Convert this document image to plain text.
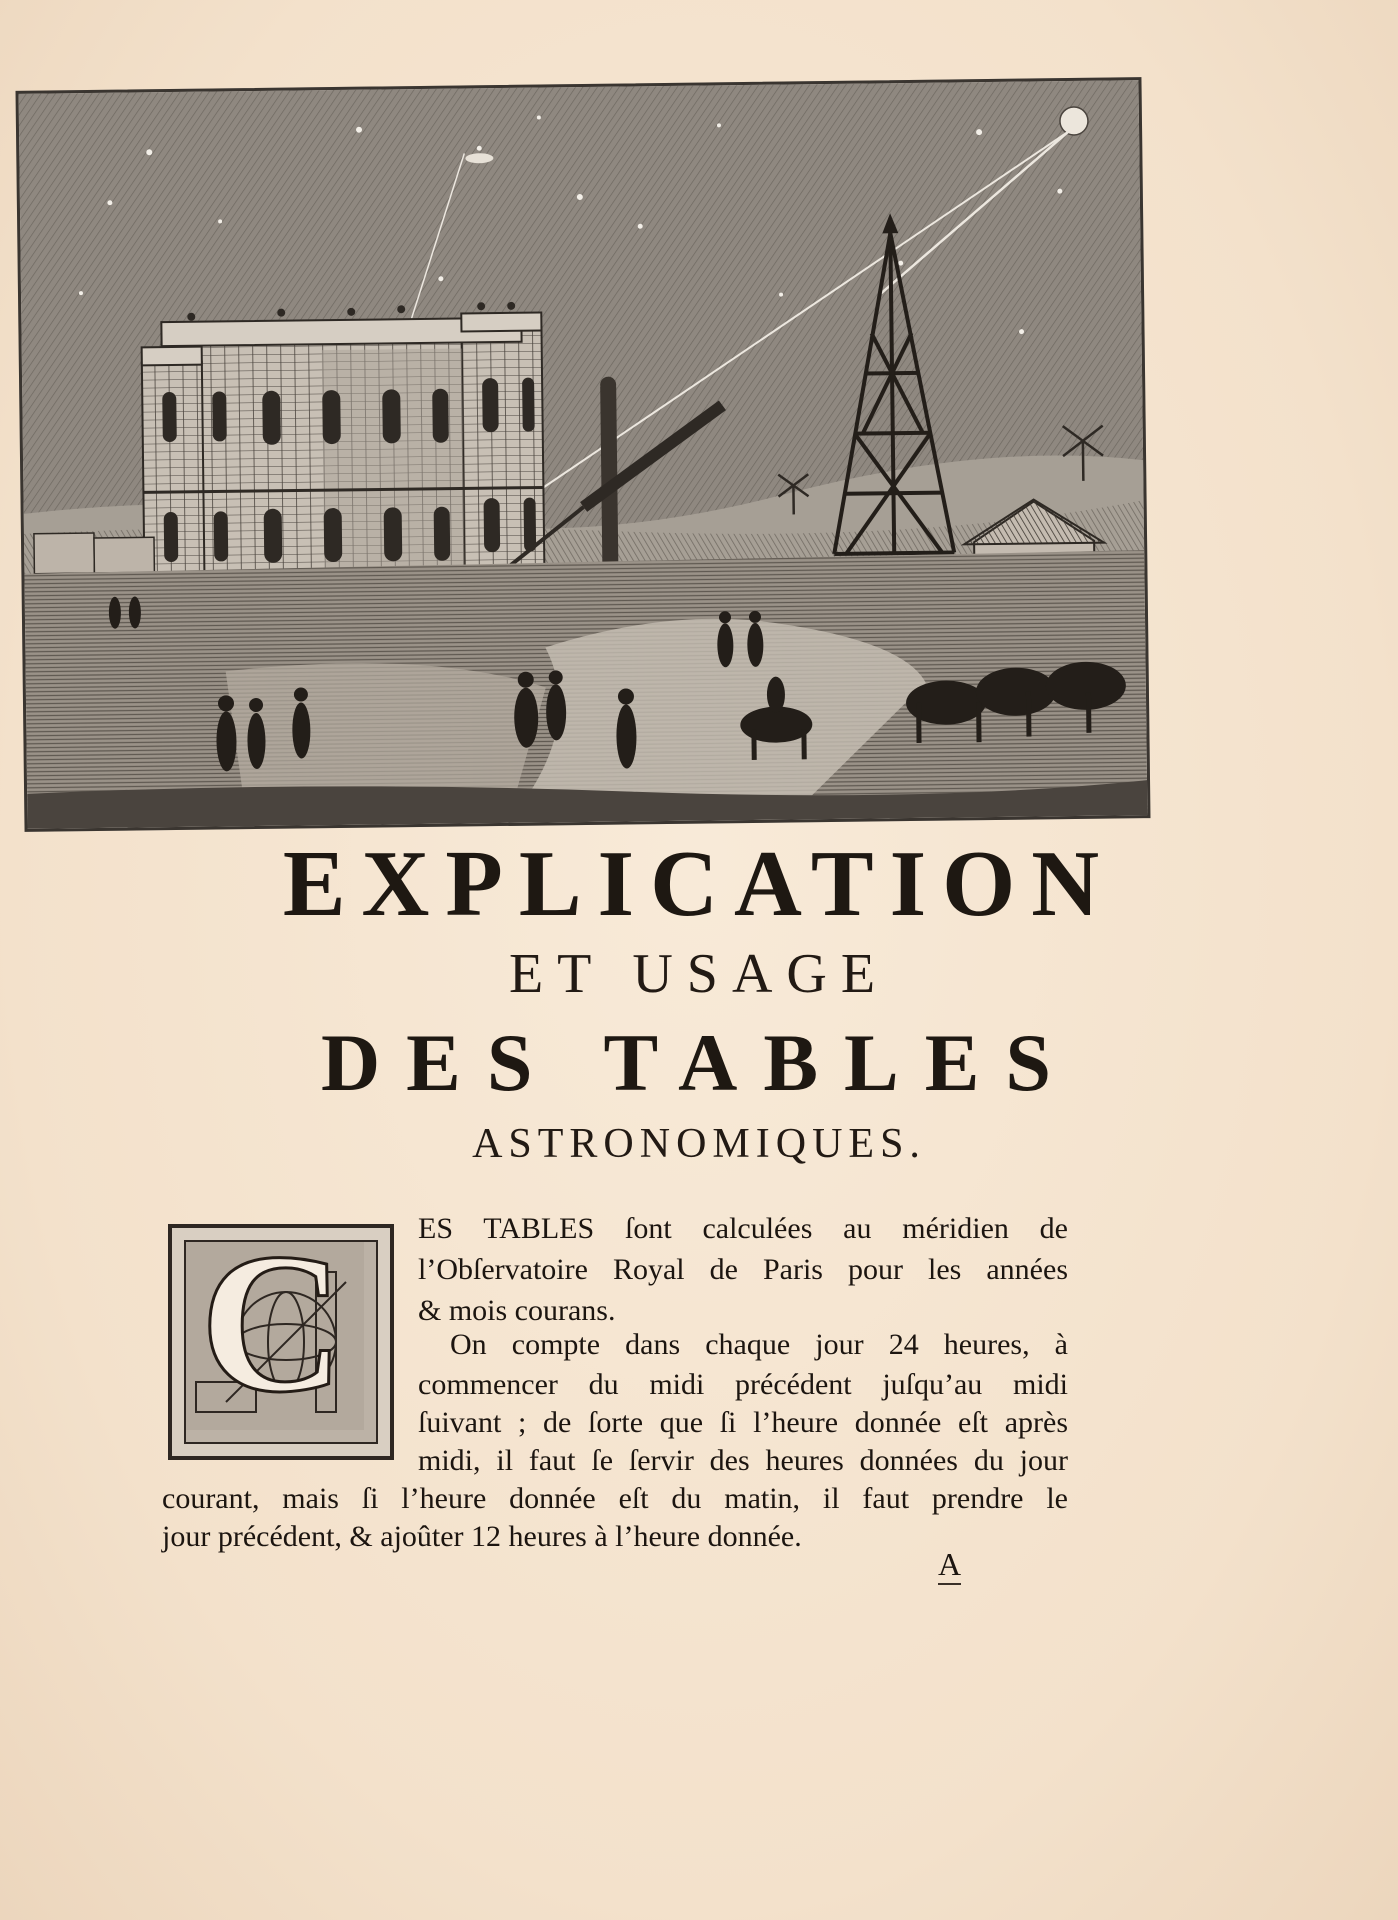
EXPLICATION
ET USAGE
DES TABLES
ASTRONOMIQUES.
C ES TABLES ſont calculées au méridien de
l’Obſervatoire Royal de Paris pour les années
& mois courans.
On compte dans chaque jour 24 heures, à
commencer du midi précédent juſqu’au midi
ſuivant ; de ſorte que ſi l’heure donnée eſt après
midi, il faut ſe ſervir des heures données du jour
courant, mais ſi l’heure donnée eſt du matin, il faut prendre le
jour précédent, & ajoûter 12 heures à l’heure donnée.
A
